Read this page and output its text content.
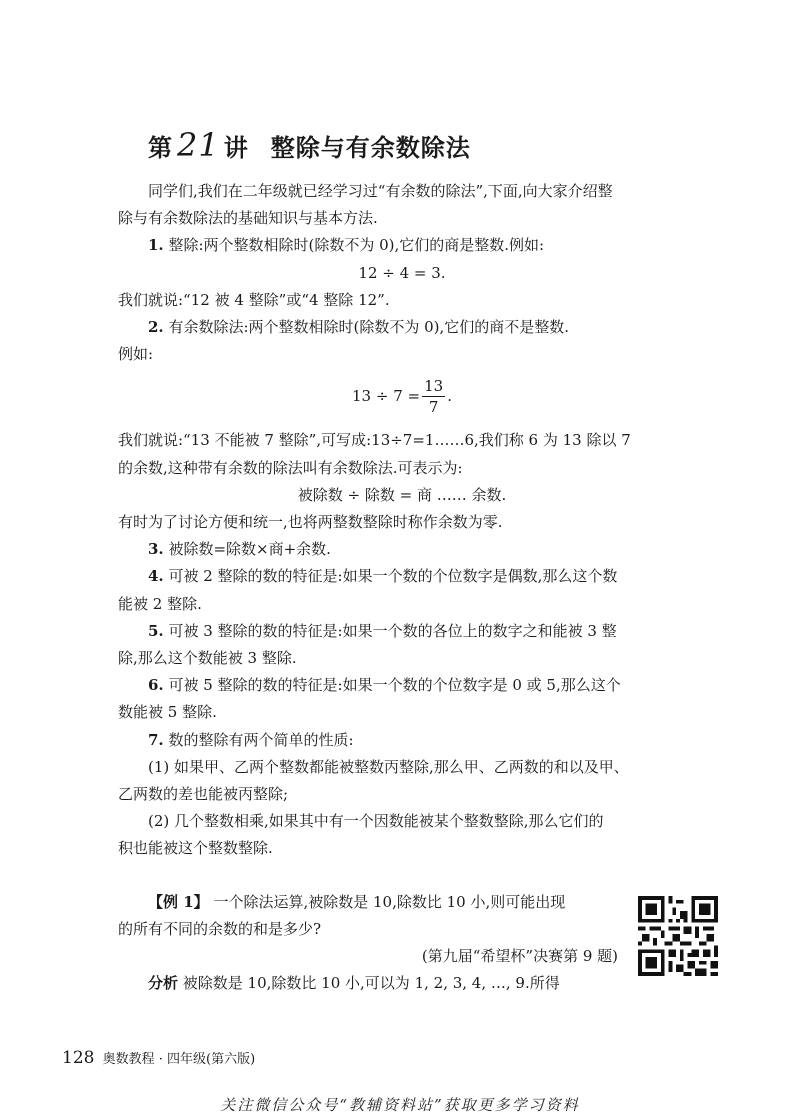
第 21 讲 整除与有余数除法

同学们,我们在二年级就已经学习过“有余数的除法”,下面,向大家介绍整

除与有余数除法的基础知识与基本方法.

1. 整除:两个整数相除时(除数不为 0),它们的商是整数.例如:

12 ÷ 4 = 3.

我们就说:“12 被 4 整除”或“4 整除 12”.

2. 有余数除法:两个整数相除时(除数不为 0),它们的商不是整数.

例如:

$13 \div 7 = \frac{13}{7}$ .

我们就说:“13 不能被 7 整除”,可写成:13÷7=1……6,我们称 6 为 13 除以 7

的余数,这种带有余数的除法叫有余数除法.可表示为:

被除数 ÷ 除数 = 商 …… 余数.

有时为了讨论方便和统一,也将两整数整除时称作余数为零.

3. 被除数=除数×商+余数.

4. 可被 2 整除的数的特征是:如果一个数的个位数字是偶数,那么这个数

能被 2 整除.

5. 可被 3 整除的数的特征是:如果一个数的各位上的数字之和能被 3 整

除,那么这个数能被 3 整除.

6. 可被 5 整除的数的特征是:如果一个数的个位数字是 0 或 5,那么这个

数能被 5 整除.

7. 数的整除有两个简单的性质:

(1) 如果甲、乙两个整数都能被整数丙整除,那么甲、乙两数的和以及甲、

乙两数的差也能被丙整除;

(2) 几个整数相乘,如果其中有一个因数能被某个整数整除,那么它们的

积也能被这个整数整除.

【例 1】 一个除法运算,被除数是 10,除数比 10 小,则可能出现

的所有不同的余数的和是多少?

(第九届“希望杯”决赛第 9 题)

分析 被除数是 10,除数比 10 小,可以为 1, 2, 3, 4, …, 9.所得

128 奥数教程 · 四年级(第六版)
关注微信公众号“教辅资料站”获取更多学习资料
